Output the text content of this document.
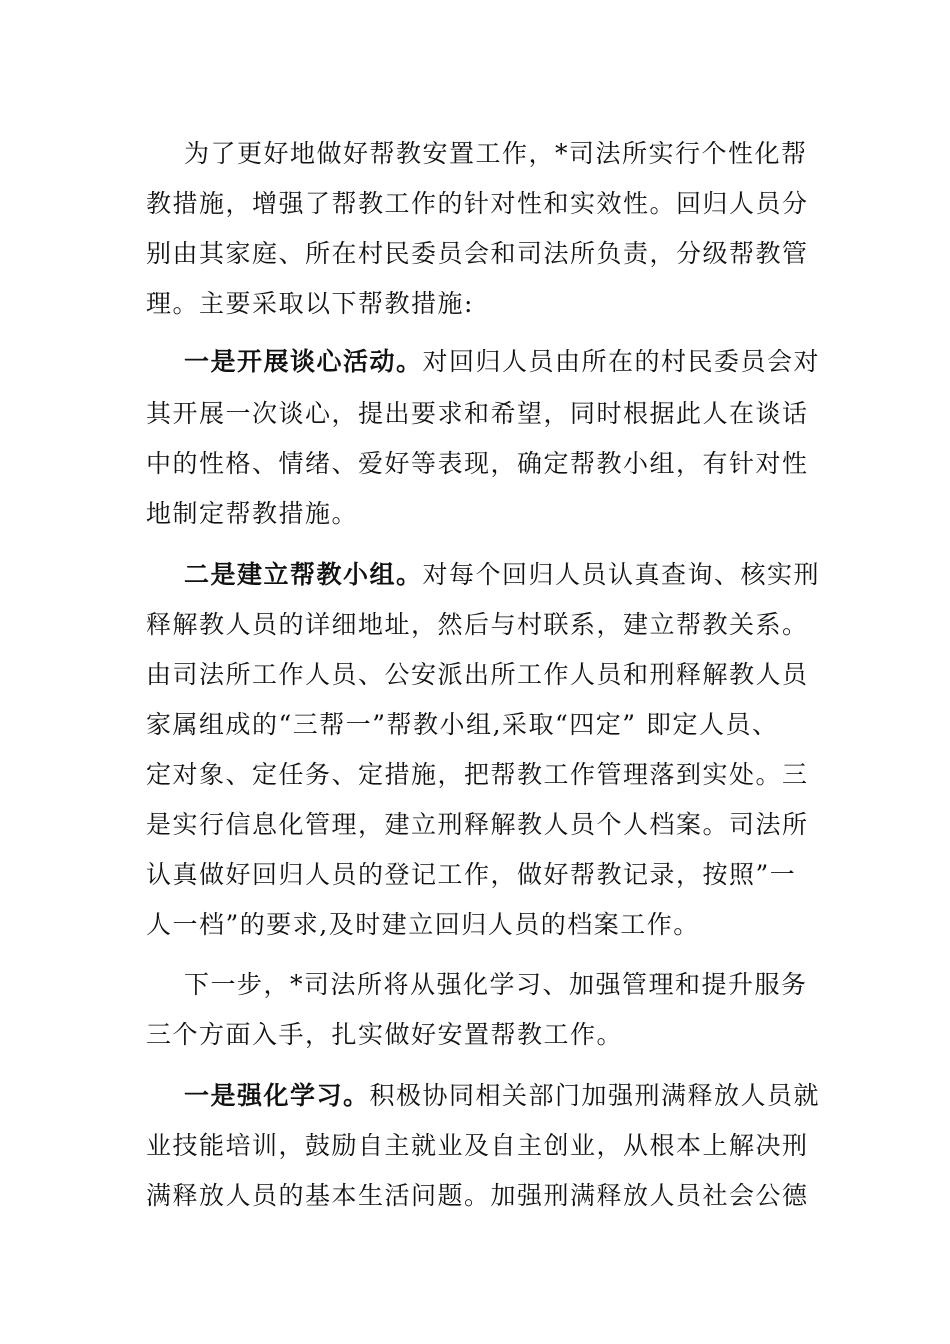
为了更好地做好帮教安置工作，*司法所实行个性化帮
教措施，增强了帮教工作的针对性和实效性。回归人员分
别由其家庭、所在村民委员会和司法所负责，分级帮教管
理。主要采取以下帮教措施:
一是开展谈心活动。对回归人员由所在的村民委员会对
其开展一次谈心，提出要求和希望，同时根据此人在谈话
中的性格、情绪、爱好等表现，确定帮教小组，有针对性
地制定帮教措施。
二是建立帮教小组。对每个回归人员认真查询、核实刑
释解教人员的详细地址，然后与村联系，建立帮教关系。
由司法所工作人员、公安派出所工作人员和刑释解教人员
家属组成的“三帮一”帮教小组,采取“四定” 即定人员、
定对象、定任务、定措施，把帮教工作管理落到实处。三
是实行信息化管理，建立刑释解教人员个人档案。司法所
认真做好回归人员的登记工作，做好帮教记录，按照”一
人一档”的要求,及时建立回归人员的档案工作。
下一步，*司法所将从强化学习、加强管理和提升服务
三个方面入手，扎实做好安置帮教工作。
一是强化学习。积极协同相关部门加强刑满释放人员就
业技能培训，鼓励自主就业及自主创业，从根本上解决刑
满释放人员的基本生活问题。加强刑满释放人员社会公德
